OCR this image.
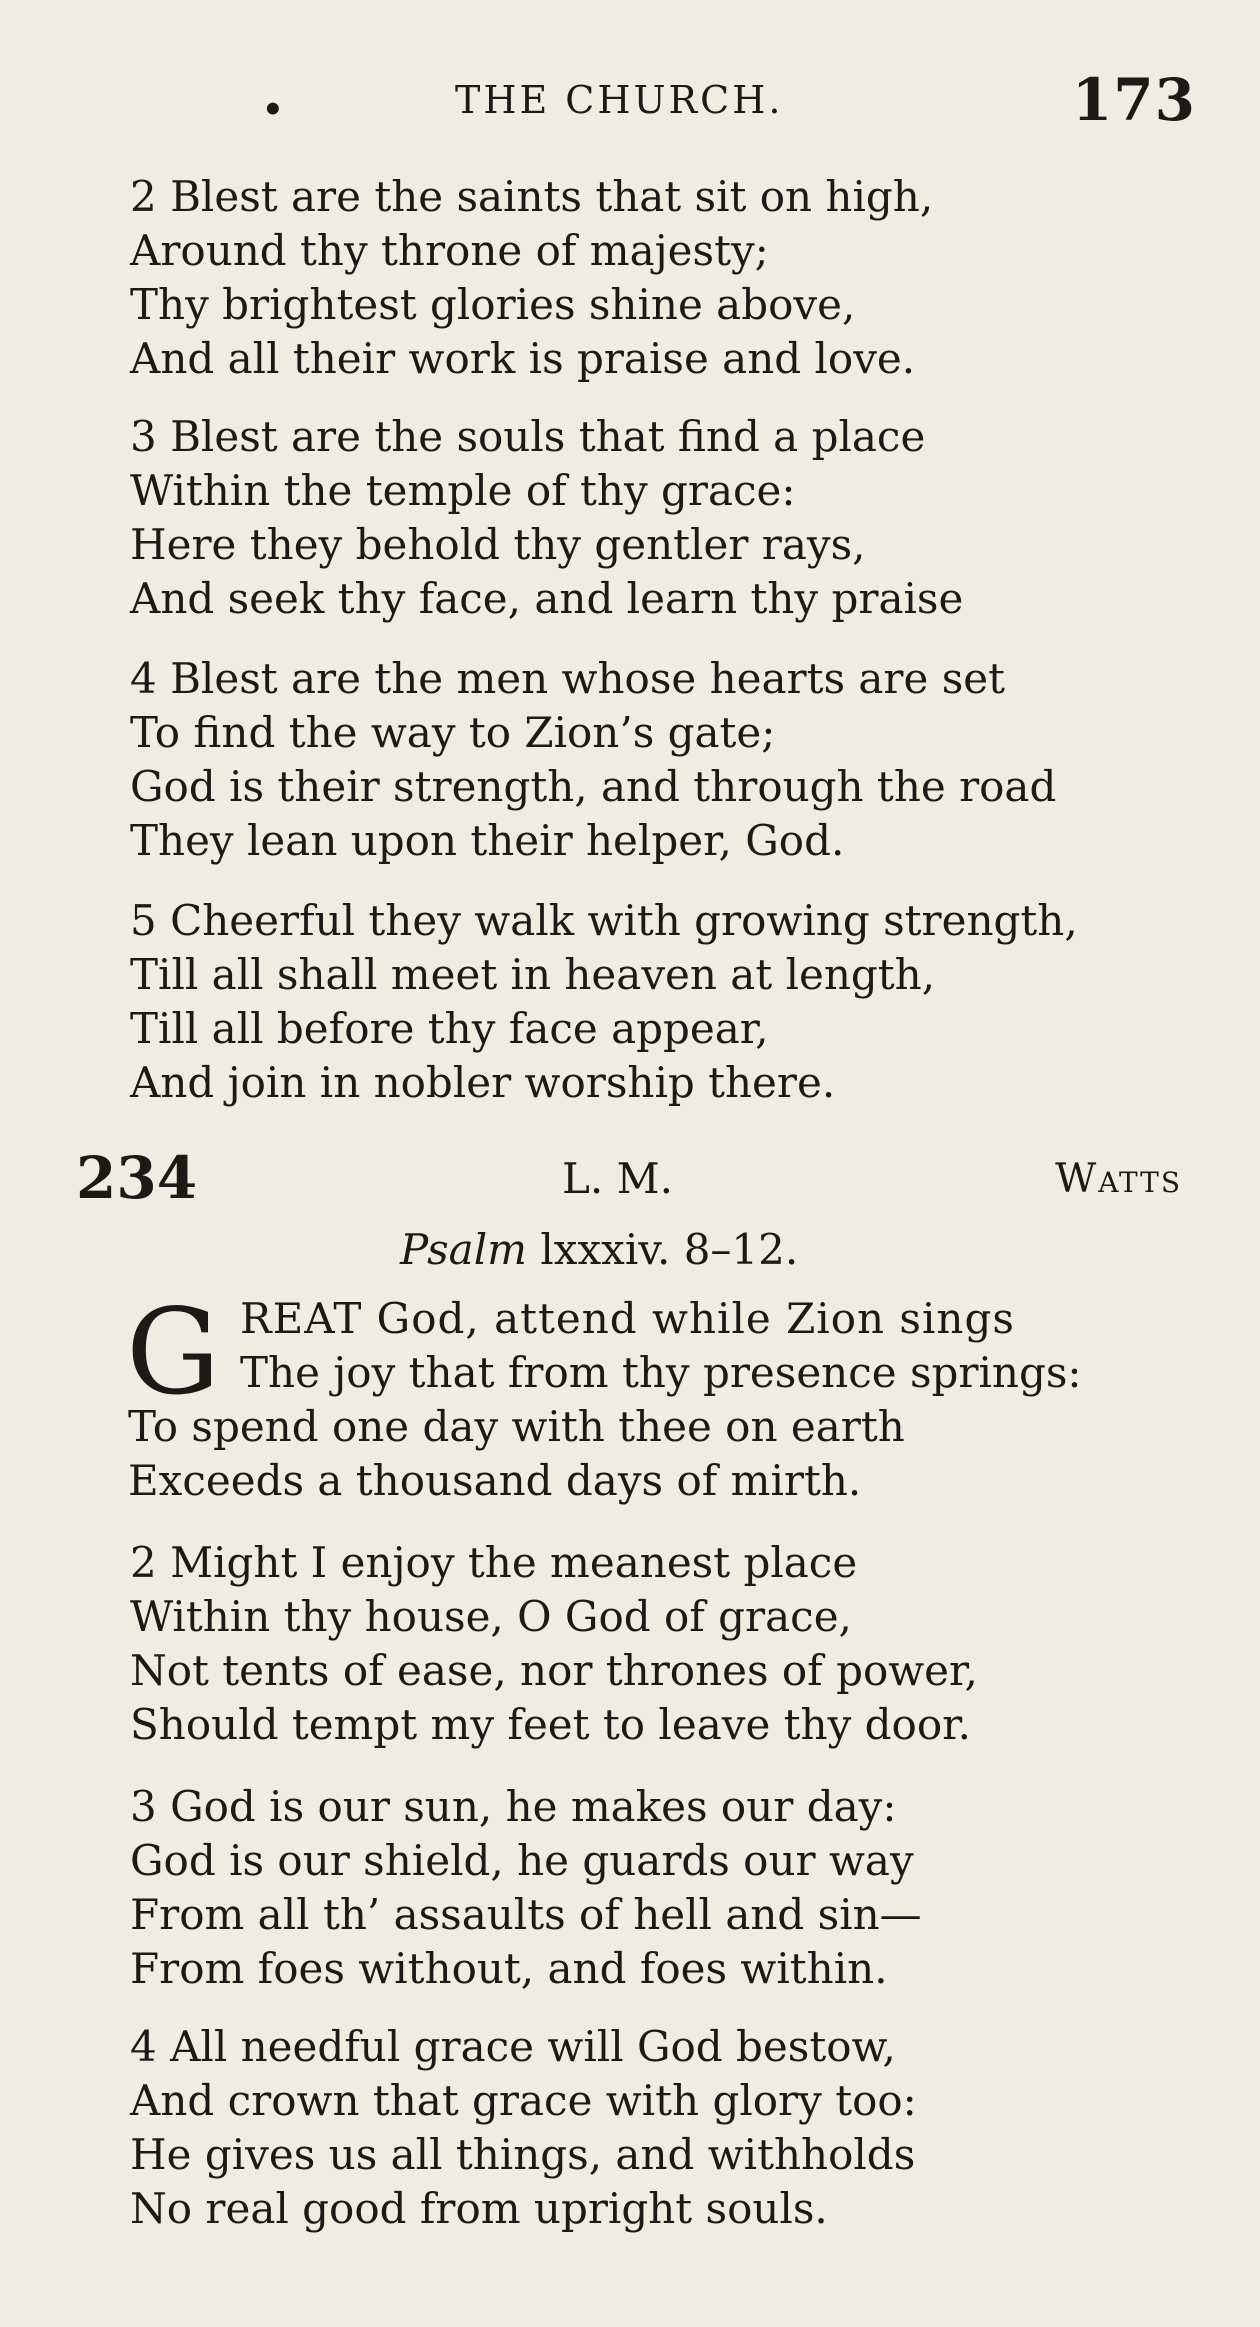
•	THE CHURCH.	173
2 Blest are the saints that sit on high,
Around thy throne of majesty;
Thy brightest glories shine above,
And all their work is praise and love.
3 Blest are the souls that find a place
Within the temple of thy grace:
Here they behold thy gentler rays,
And seek thy face, and learn thy praise
4 Blest are the men whose hearts are set
To find the way to Zion’s gate;
God is their strength, and through the road
They lean upon their helper, God.
5 Cheerful they walk with growing strength,
Till all shall meet in heaven at length,
Till all before thy face appear,
And join in nobler worship there.
234	L. M.	Watts
Psalm lxxxiv. 8–12.
G REAT God, attend while Zion sings
The joy that from thy presence springs:
To spend one day with thee on earth
Exceeds a thousand days of mirth.
2 Might I enjoy the meanest place
Within thy house, O God of grace,
Not tents of ease, nor thrones of power,
Should tempt my feet to leave thy door.
3 God is our sun, he makes our day:
God is our shield, he guards our way
From all th’ assaults of hell and sin—
From foes without, and foes within.
4 All needful grace will God bestow,
And crown that grace with glory too:
He gives us all things, and withholds
No real good from upright souls.
